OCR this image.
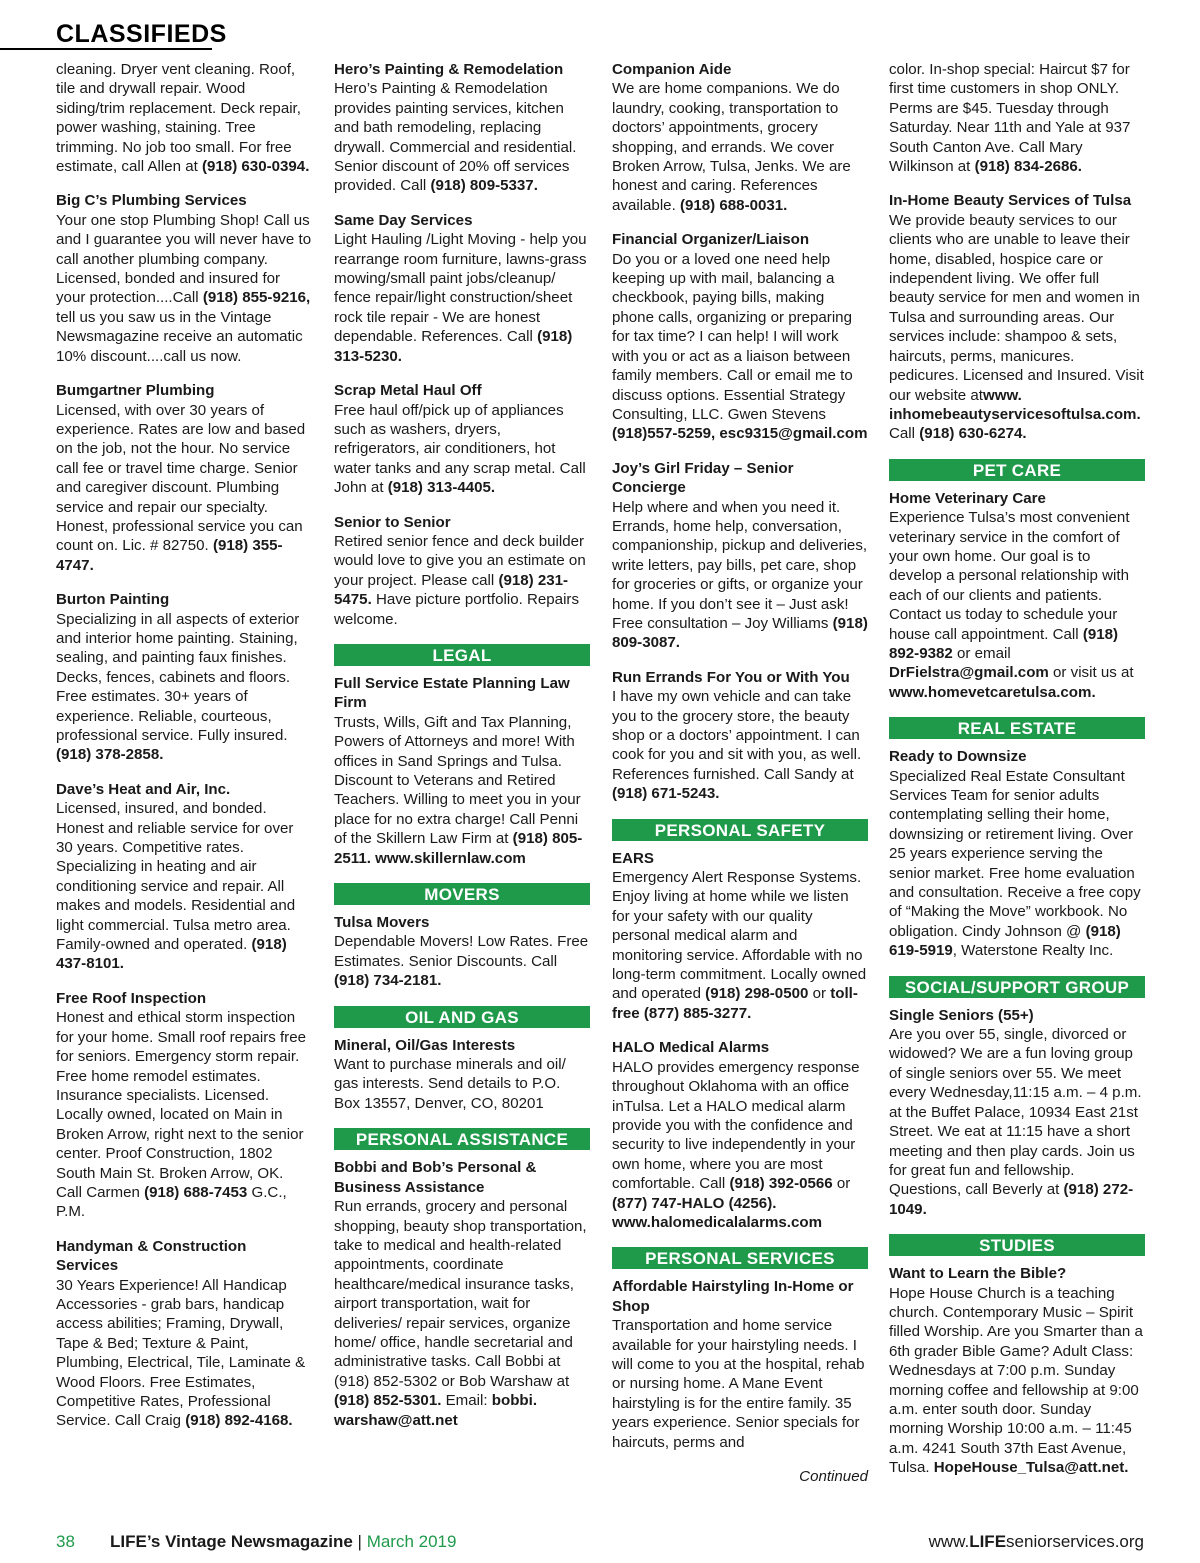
CLASSIFIEDS
cleaning. Dryer vent cleaning. Roof, tile and drywall repair. Wood siding/trim replacement. Deck repair, power washing, staining. Tree trimming. No job too small. For free estimate, call Allen at (918) 630-0394.
Big C’s Plumbing Services
Your one stop Plumbing Shop! Call us and I guarantee you will never have to call another plumbing company. Licensed, bonded and insured for your protection....Call (918) 855-9216, tell us you saw us in the Vintage Newsmagazine receive an automatic 10% discount....call us now.
Bumgartner Plumbing
Licensed, with over 30 years of experience. Rates are low and based on the job, not the hour. No service call fee or travel time charge. Senior and caregiver discount. Plumbing service and repair our specialty. Honest, professional service you can count on. Lic. # 82750. (918) 355-4747.
Burton Painting
Specializing in all aspects of exterior and interior home painting. Staining, sealing, and painting faux finishes. Decks, fences, cabinets and floors. Free estimates. 30+ years of experience. Reliable, courteous, professional service. Fully insured. (918) 378-2858.
Dave’s Heat and Air, Inc.
Licensed, insured, and bonded. Honest and reliable service for over 30 years. Competitive rates. Specializing in heating and air conditioning service and repair. All makes and models. Residential and light commercial. Tulsa metro area. Family-owned and operated. (918) 437-8101.
Free Roof Inspection
Honest and ethical storm inspection for your home. Small roof repairs free for seniors. Emergency storm repair. Free home remodel estimates. Insurance specialists. Licensed. Locally owned, located on Main in Broken Arrow, right next to the senior center. Proof Construction, 1802 South Main St. Broken Arrow, OK. Call Carmen (918) 688-7453 G.C., P.M.
Handyman & Construction Services
30 Years Experience! All Handicap Accessories - grab bars, handicap access abilities; Framing, Drywall, Tape & Bed; Texture & Paint, Plumbing, Electrical, Tile, Laminate & Wood Floors. Free Estimates, Competitive Rates, Professional Service. Call Craig (918) 892-4168.
Hero’s Painting & Remodelation
Hero’s Painting & Remodelation provides painting services, kitchen and bath remodeling, replacing drywall. Commercial and residential. Senior discount of 20% off services provided. Call (918) 809-5337.
Same Day Services
Light Hauling /Light Moving - help you rearrange room furniture, lawns-grass mowing/small paint jobs/cleanup/ fence repair/light construction/sheet rock tile repair - We are honest dependable. References. Call (918) 313-5230.
Scrap Metal Haul Off
Free haul off/pick up of appliances such as washers, dryers, refrigerators, air conditioners, hot water tanks and any scrap metal. Call John at (918) 313-4405.
Senior to Senior
Retired senior fence and deck builder would love to give you an estimate on your project. Please call (918) 231-5475. Have picture portfolio. Repairs welcome.
LEGAL
Full Service Estate Planning Law Firm
Trusts, Wills, Gift and Tax Planning, Powers of Attorneys and more! With offices in Sand Springs and Tulsa. Discount to Veterans and Retired Teachers. Willing to meet you in your place for no extra charge! Call Penni of the Skillern Law Firm at (918) 805-2511. www.skillernlaw.com
MOVERS
Tulsa Movers
Dependable Movers! Low Rates. Free Estimates. Senior Discounts. Call (918) 734-2181.
OIL AND GAS
Mineral, Oil/Gas Interests
Want to purchase minerals and oil/ gas interests. Send details to P.O. Box 13557, Denver, CO, 80201
PERSONAL ASSISTANCE
Bobbi and Bob’s Personal & Business Assistance
Run errands, grocery and personal shopping, beauty shop transportation, take to medical and health-related appointments, coordinate healthcare/medical insurance tasks, airport transportation, wait for deliveries/ repair services, organize home/ office, handle secretarial and administrative tasks. Call Bobbi at (918) 852-5302 or Bob Warshaw at (918) 852-5301. Email: bobbi. warshaw@att.net
Companion Aide
We are home companions. We do laundry, cooking, transportation to doctors’ appointments, grocery shopping, and errands. We cover Broken Arrow, Tulsa, Jenks. We are honest and caring. References available. (918) 688-0031.
Financial Organizer/Liaison
Do you or a loved one need help keeping up with mail, balancing a checkbook, paying bills, making phone calls, organizing or preparing for tax time? I can help! I will work with you or act as a liaison between family members. Call or email me to discuss options. Essential Strategy Consulting, LLC. Gwen Stevens (918)557-5259, esc9315@gmail.com
Joy’s Girl Friday – Senior Concierge
Help where and when you need it. Errands, home help, conversation, companionship, pickup and deliveries, write letters, pay bills, pet care, shop for groceries or gifts, or organize your home. If you don’t see it – Just ask! Free consultation – Joy Williams (918) 809-3087.
Run Errands For You or With You
I have my own vehicle and can take you to the grocery store, the beauty shop or a doctors’ appointment. I can cook for you and sit with you, as well. References furnished. Call Sandy at (918) 671-5243.
PERSONAL SAFETY
EARS
Emergency Alert Response Systems. Enjoy living at home while we listen for your safety with our quality personal medical alarm and monitoring service. Affordable with no long-term commitment. Locally owned and operated (918) 298-0500 or toll-free (877) 885-3277.
HALO Medical Alarms
HALO provides emergency response throughout Oklahoma with an office inTulsa. Let a HALO medical alarm provide you with the confidence and security to live independently in your own home, where you are most comfortable. Call (918) 392-0566 or (877) 747-HALO (4256). www.halomedicalalarms.com
PERSONAL SERVICES
Affordable Hairstyling In-Home or Shop
Transportation and home service available for your hairstyling needs. I will come to you at the hospital, rehab or nursing home. A Mane Event hairstyling is for the entire family. 35 years experience. Senior specials for haircuts, perms and
Continued
color. In-shop special: Haircut $7 for first time customers in shop ONLY. Perms are $45. Tuesday through Saturday. Near 11th and Yale at 937 South Canton Ave. Call Mary Wilkinson at (918) 834-2686.
In-Home Beauty Services of Tulsa
We provide beauty services to our clients who are unable to leave their home, disabled, hospice care or independent living. We offer full beauty service for men and women in Tulsa and surrounding areas. Our services include: shampoo & sets, haircuts, perms, manicures. pedicures. Licensed and Insured. Visit our website atwww. inhomebeautyservicesoftulsa.com. Call (918) 630-6274.
PET CARE
Home Veterinary Care
Experience Tulsa’s most convenient veterinary service in the comfort of your own home. Our goal is to develop a personal relationship with each of our clients and patients. Contact us today to schedule your house call appointment. Call (918) 892-9382 or email DrFielstra@gmail.com or visit us at www.homevetcaretulsa.com.
REAL ESTATE
Ready to Downsize
Specialized Real Estate Consultant Services Team for senior adults contemplating selling their home, downsizing or retirement living. Over 25 years experience serving the senior market. Free home evaluation and consultation. Receive a free copy of “Making the Move” workbook. No obligation. Cindy Johnson @ (918) 619-5919, Waterstone Realty Inc.
SOCIAL/SUPPORT GROUP
Single Seniors (55+)
Are you over 55, single, divorced or widowed? We are a fun loving group of single seniors over 55. We meet every Wednesday,11:15 a.m. – 4 p.m. at the Buffet Palace, 10934 East 21st Street. We eat at 11:15 have a short meeting and then play cards. Join us for great fun and fellowship. Questions, call Beverly at (918) 272-1049.
STUDIES
Want to Learn the Bible?
Hope House Church is a teaching church. Contemporary Music – Spirit filled Worship. Are you Smarter than a 6th grader Bible Game? Adult Class: Wednesdays at 7:00 p.m. Sunday morning coffee and fellowship at 9:00 a.m. enter south door. Sunday morning Worship 10:00 a.m. – 11:45 a.m. 4241 South 37th East Avenue, Tulsa. HopeHouse_Tulsa@att.net.
38 LIFE’s Vintage Newsmagazine | March 2019	www.LIFEseniorservices.org
